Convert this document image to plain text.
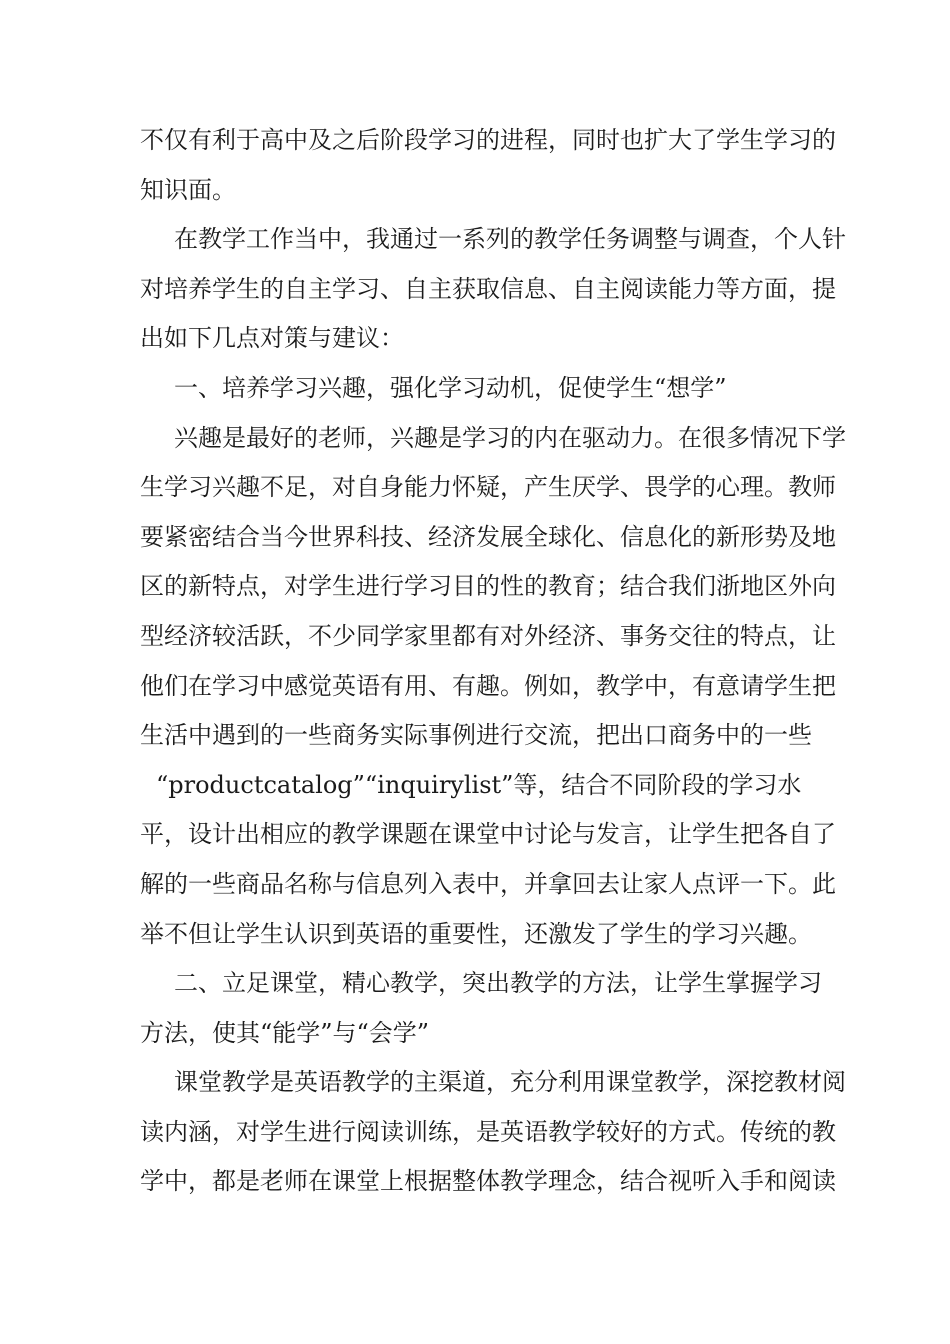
不仅有利于高中及之后阶段学习的进程，同时也扩大了学生学习的

知识面。

在教学工作当中，我通过一系列的教学任务调整与调查，个人针

对培养学生的自主学习、自主获取信息、自主阅读能力等方面，提

出如下几点对策与建议：

一、培养学习兴趣，强化学习动机，促使学生“想学”

兴趣是最好的老师，兴趣是学习的内在驱动力。在很多情况下学

生学习兴趣不足，对自身能力怀疑，产生厌学、畏学的心理。教师

要紧密结合当今世界科技、经济发展全球化、信息化的新形势及地

区的新特点，对学生进行学习目的性的教育；结合我们浙地区外向

型经济较活跃，不少同学家里都有对外经济、事务交往的特点，让

他们在学习中感觉英语有用、有趣。例如，教学中，有意请学生把

生活中遇到的一些商务实际事例进行交流，把出口商务中的一些

“productcatalog”“inquirylist”等，结合不同阶段的学习水

平，设计出相应的教学课题在课堂中讨论与发言，让学生把各自了

解的一些商品名称与信息列入表中，并拿回去让家人点评一下。此

举不但让学生认识到英语的重要性，还激发了学生的学习兴趣。

二、立足课堂，精心教学，突出教学的方法，让学生掌握学习

方法，使其“能学”与“会学”

课堂教学是英语教学的主渠道，充分利用课堂教学，深挖教材阅

读内涵，对学生进行阅读训练，是英语教学较好的方式。传统的教

学中，都是老师在课堂上根据整体教学理念，结合视听入手和阅读
